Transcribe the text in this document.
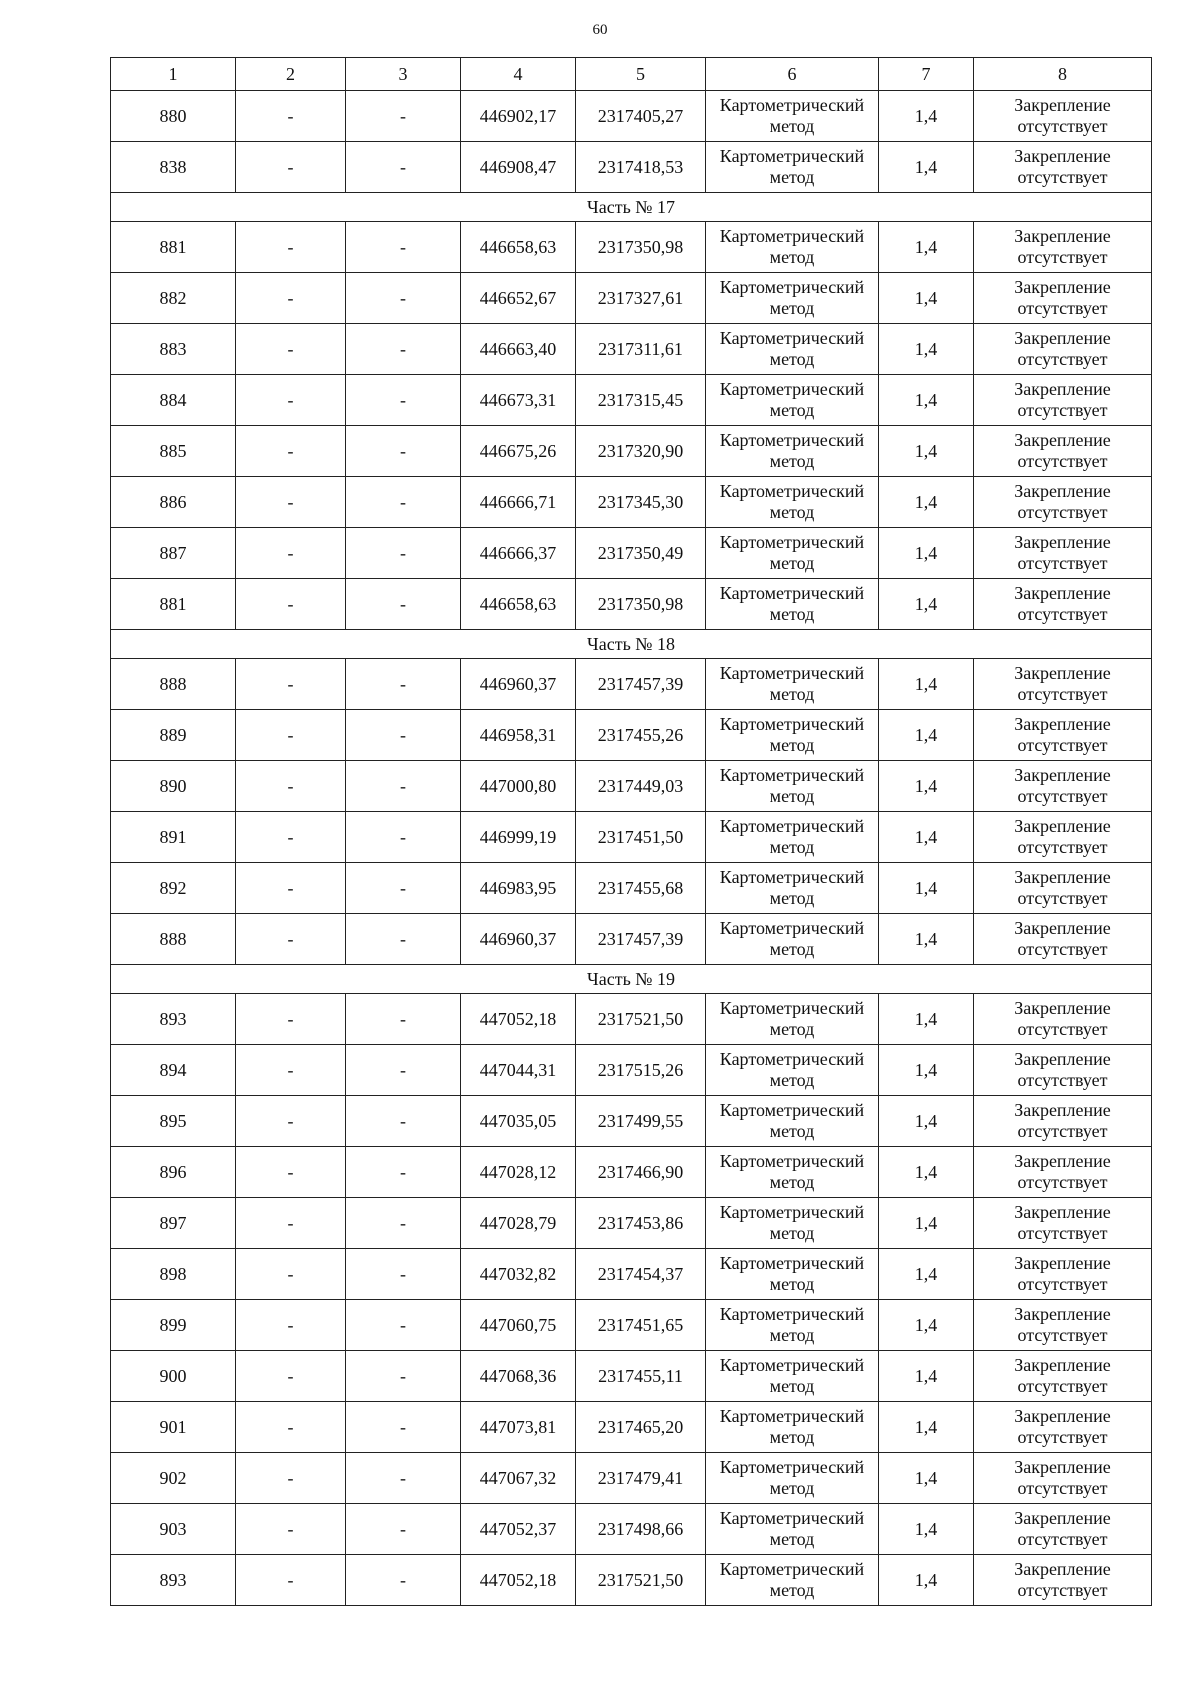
60
1	2	3	4	5	6	7	8
880	-	-	446902,17	2317405,27	Картометрический метод	1,4	Закрепление отсутствует
838	-	-	446908,47	2317418,53	Картометрический метод	1,4	Закрепление отсутствует
Часть № 17							
881	-	-	446658,63	2317350,98	Картометрический метод	1,4	Закрепление отсутствует
882	-	-	446652,67	2317327,61	Картометрический метод	1,4	Закрепление отсутствует
883	-	-	446663,40	2317311,61	Картометрический метод	1,4	Закрепление отсутствует
884	-	-	446673,31	2317315,45	Картометрический метод	1,4	Закрепление отсутствует
885	-	-	446675,26	2317320,90	Картометрический метод	1,4	Закрепление отсутствует
886	-	-	446666,71	2317345,30	Картометрический метод	1,4	Закрепление отсутствует
887	-	-	446666,37	2317350,49	Картометрический метод	1,4	Закрепление отсутствует
881	-	-	446658,63	2317350,98	Картометрический метод	1,4	Закрепление отсутствует
Часть № 18							
888	-	-	446960,37	2317457,39	Картометрический метод	1,4	Закрепление отсутствует
889	-	-	446958,31	2317455,26	Картометрический метод	1,4	Закрепление отсутствует
890	-	-	447000,80	2317449,03	Картометрический метод	1,4	Закрепление отсутствует
891	-	-	446999,19	2317451,50	Картометрический метод	1,4	Закрепление отсутствует
892	-	-	446983,95	2317455,68	Картометрический метод	1,4	Закрепление отсутствует
888	-	-	446960,37	2317457,39	Картометрический метод	1,4	Закрепление отсутствует
Часть № 19							
893	-	-	447052,18	2317521,50	Картометрический метод	1,4	Закрепление отсутствует
894	-	-	447044,31	2317515,26	Картометрический метод	1,4	Закрепление отсутствует
895	-	-	447035,05	2317499,55	Картометрический метод	1,4	Закрепление отсутствует
896	-	-	447028,12	2317466,90	Картометрический метод	1,4	Закрепление отсутствует
897	-	-	447028,79	2317453,86	Картометрический метод	1,4	Закрепление отсутствует
898	-	-	447032,82	2317454,37	Картометрический метод	1,4	Закрепление отсутствует
899	-	-	447060,75	2317451,65	Картометрический метод	1,4	Закрепление отсутствует
900	-	-	447068,36	2317455,11	Картометрический метод	1,4	Закрепление отсутствует
901	-	-	447073,81	2317465,20	Картометрический метод	1,4	Закрепление отсутствует
902	-	-	447067,32	2317479,41	Картометрический метод	1,4	Закрепление отсутствует
903	-	-	447052,37	2317498,66	Картометрический метод	1,4	Закрепление отсутствует
893	-	-	447052,18	2317521,50	Картометрический метод	1,4	Закрепление отсутствует
